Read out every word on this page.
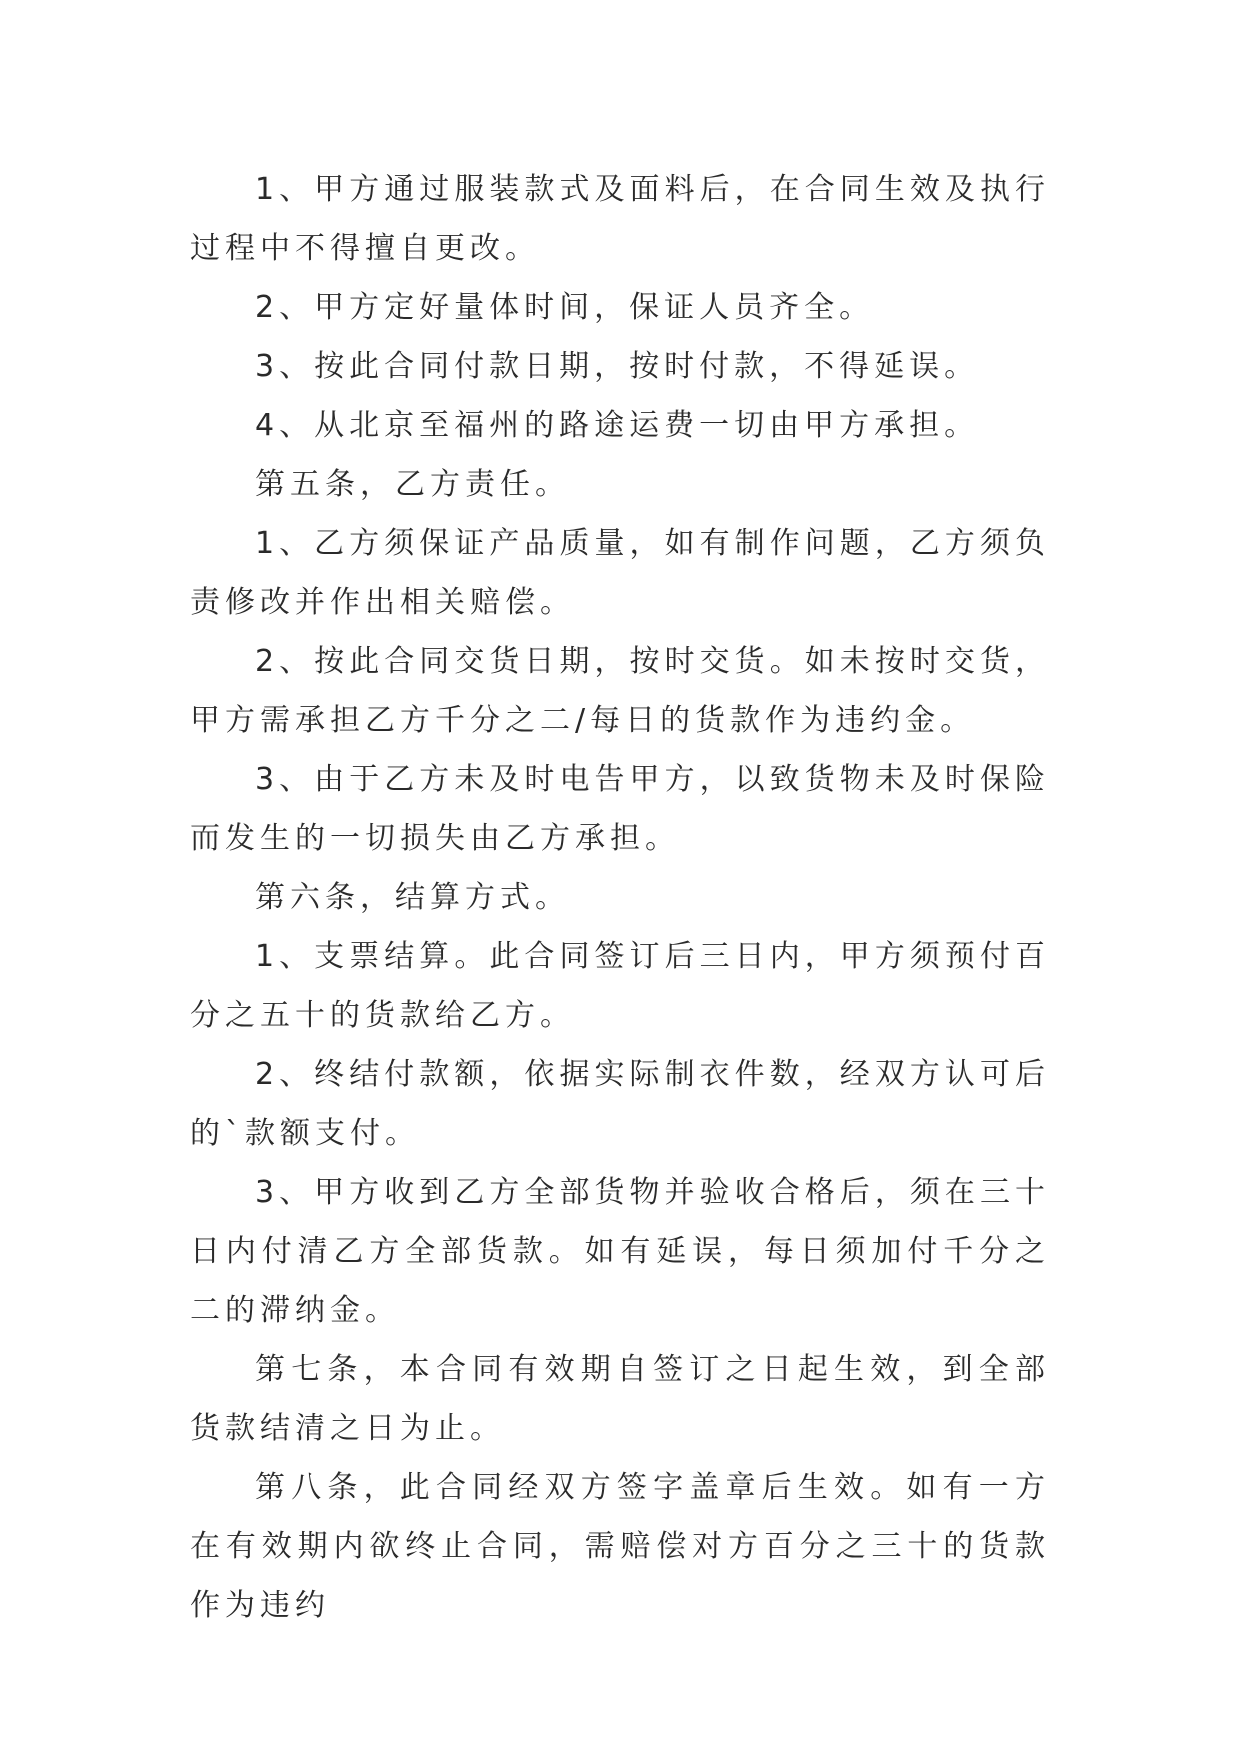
1、甲方通过服装款式及面料后，在合同生效及执行过程中不得擅自更改。

2、甲方定好量体时间，保证人员齐全。

3、按此合同付款日期，按时付款，不得延误。

4、从北京至福州的路途运费一切由甲方承担。

第五条，乙方责任。

1、乙方须保证产品质量，如有制作问题，乙方须负责修改并作出相关赔偿。

2、按此合同交货日期，按时交货。如未按时交货，甲方需承担乙方千分之二/每日的货款作为违约金。

3、由于乙方未及时电告甲方，以致货物未及时保险而发生的一切损失由乙方承担。

第六条，结算方式。

1、支票结算。此合同签订后三日内，甲方须预付百分之五十的货款给乙方。

2、终结付款额，依据实际制衣件数，经双方认可后的`款额支付。

3、甲方收到乙方全部货物并验收合格后，须在三十日内付清乙方全部货款。如有延误，每日须加付千分之二的滞纳金。

第七条，本合同有效期自签订之日起生效，到全部货款结清之日为止。

第八条，此合同经双方签字盖章后生效。如有一方在有效期内欲终止合同，需赔偿对方百分之三十的货款作为违约
